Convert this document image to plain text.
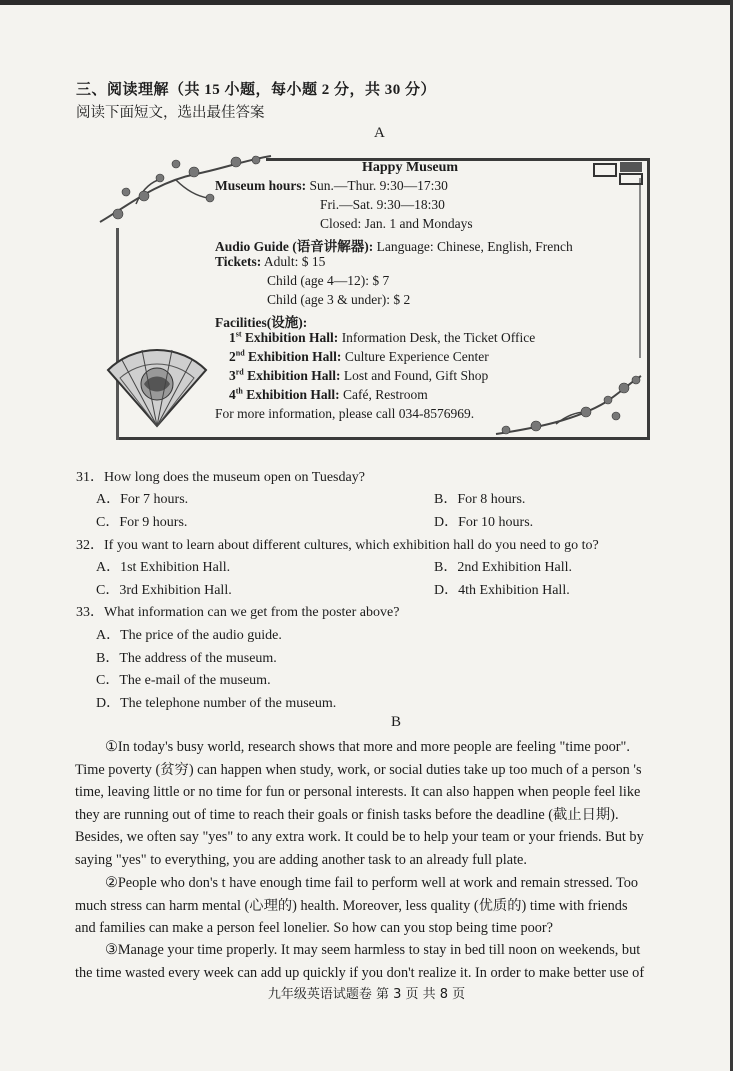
三、阅读理解（共 15 小题，每小题 2 分，共 30 分）
阅读下面短文，选出最佳答案
A
Happy Museum
Museum hours: Sun.—Thur. 9:30—17:30
Fri.—Sat. 9:30—18:30
Closed: Jan. 1 and Mondays
Audio Guide (语音讲解器): Language: Chinese, English, French
Tickets: Adult: $ 15
Child (age 4—12): $ 7
Child (age 3 & under): $ 2
Facilities(设施):
1st Exhibition Hall: Information Desk, the Ticket Office
2nd Exhibition Hall: Culture Experience Center
3rd Exhibition Hall: Lost and Found, Gift Shop
4th Exhibition Hall: Café, Restroom
For more information, please call 034-8576969.
31．How long does the museum open on Tuesday?
A．For 7 hours.	B．For 8 hours.
C．For 9 hours.	D．For 10 hours.
32．If you want to learn about different cultures, which exhibition hall do you need to go to?
A．1st Exhibition Hall.	B．2nd Exhibition Hall.
C．3rd Exhibition Hall.	D．4th Exhibition Hall.
33．What information can we get from the poster above?
A．The price of the audio guide.
B．The address of the museum.
C．The e-mail of the museum.
D．The telephone number of the museum.
B
①In today's busy world, research shows that more and more people are feeling "time poor".
Time poverty (贫穷) can happen when study, work, or social duties take up too much of a person 's
time, leaving little or no time for fun or personal interests. It can also happen when people feel like
they are running out of time to reach their goals or finish tasks before the deadline (截止日期).
Besides, we often say "yes" to any extra work. It could be to help your team or your friends. But by
saying "yes" to everything, you are adding another task to an already full plate.
②People who don's t have enough time fail to perform well at work and remain stressed. Too
much stress can harm mental (心理的) health. Moreover, less quality (优质的) time with friends
and families can make a person feel lonelier. So how can you stop being time poor?
③Manage your time properly. It may seem harmless to stay in bed till noon on weekends, but
the time wasted every week can add up quickly if you don't realize it. In order to make better use of
九年级英语试题卷 第 3 页 共 8 页
